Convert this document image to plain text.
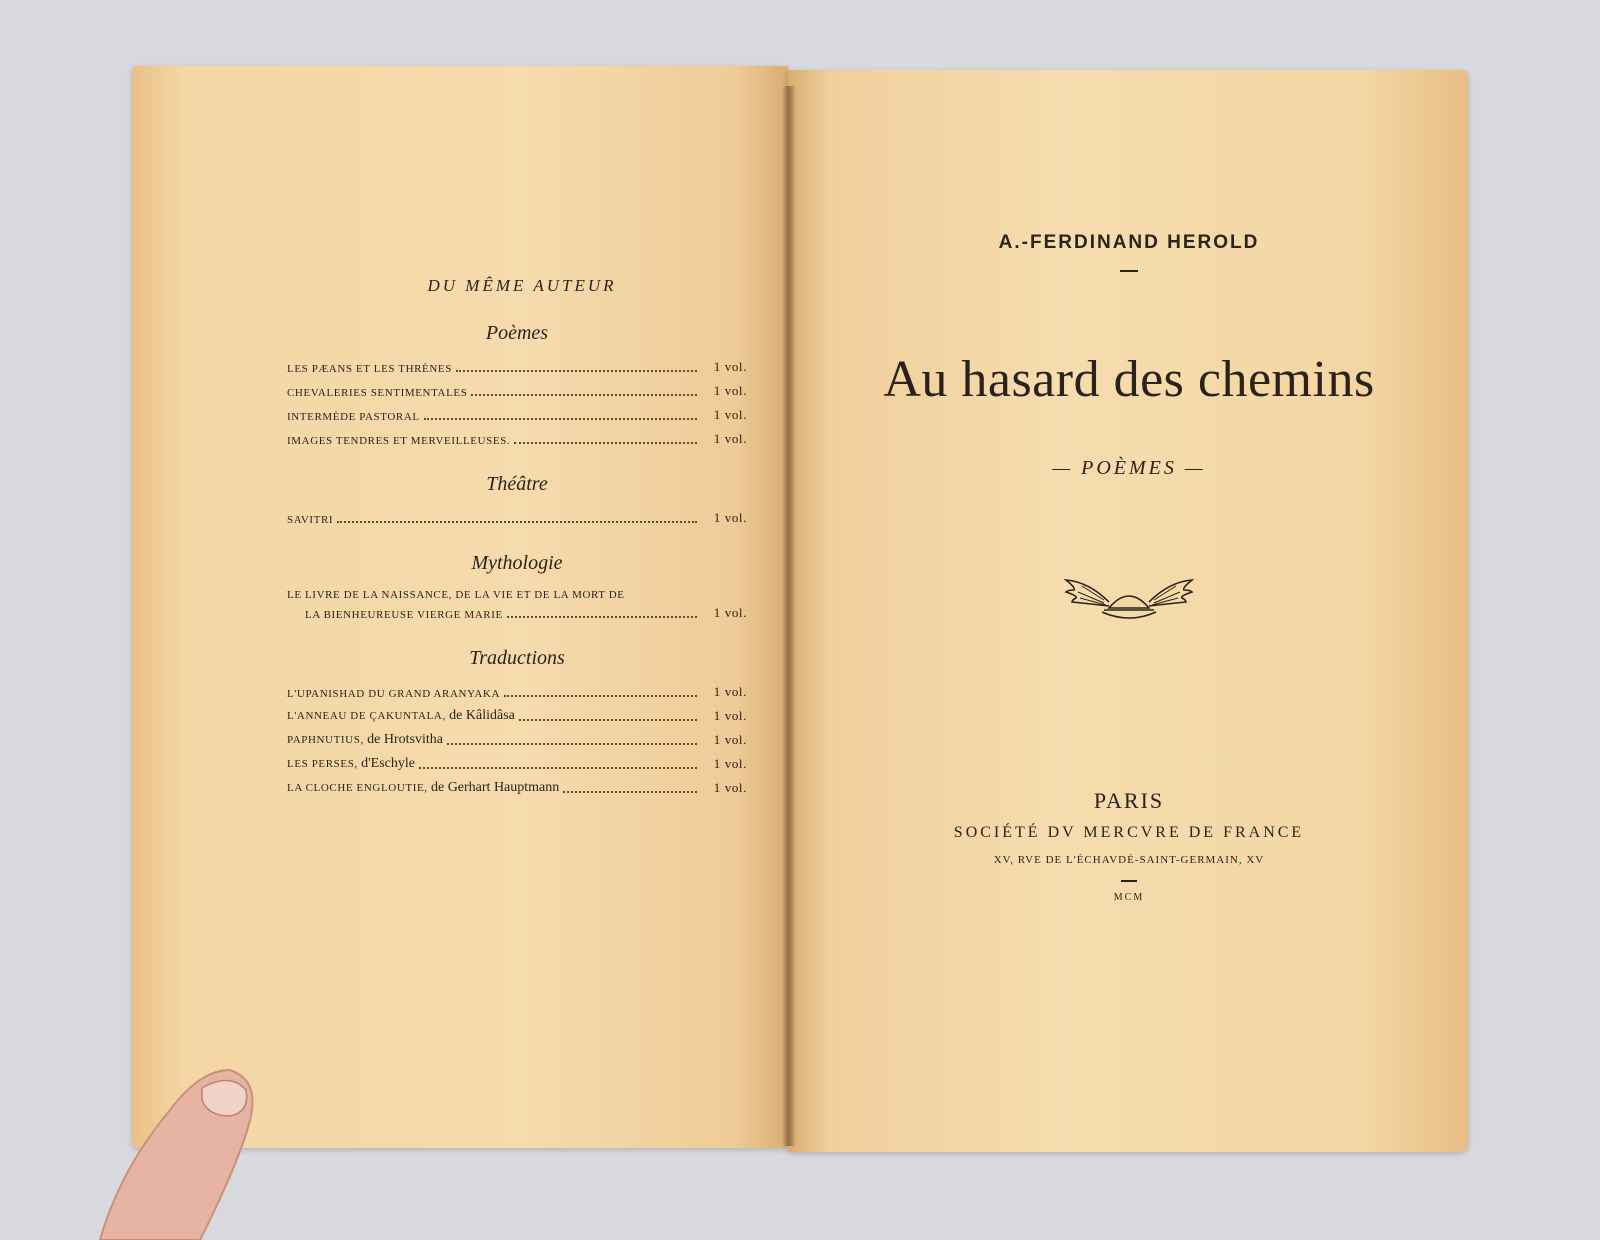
DU MÊME AUTEUR
Poèmes
LES PÆANS ET LES THRÈNES	1 vol.
CHEVALERIES SENTIMENTALES	1 vol.
INTERMÈDE PASTORAL	1 vol.
IMAGES TENDRES ET MERVEILLEUSES.	1 vol.
Théâtre
SAVITRI	1 vol.
Mythologie
LE LIVRE DE LA NAISSANCE, DE LA VIE ET DE LA MORT DE
LA BIENHEUREUSE VIERGE MARIE	1 vol.
Traductions
L'UPANISHAD DU GRAND ARANYAKA	1 vol.
L'ANNEAU DE ÇAKUNTALA, de Kâlidâsa	1 vol.
PAPHNUTIUS, de Hrotsvitha	1 vol.
LES PERSES, d'Eschyle	1 vol.
LA CLOCHE ENGLOUTIE, de Gerhart Hauptmann	1 vol.
A.-FERDINAND HEROLD
Au hasard des chemins
— POÈMES —
PARIS
SOCIÉTÉ DV MERCVRE DE FRANCE
XV, RVE DE L'ÉCHAVDÉ-SAINT-GERMAIN, XV
MCM
